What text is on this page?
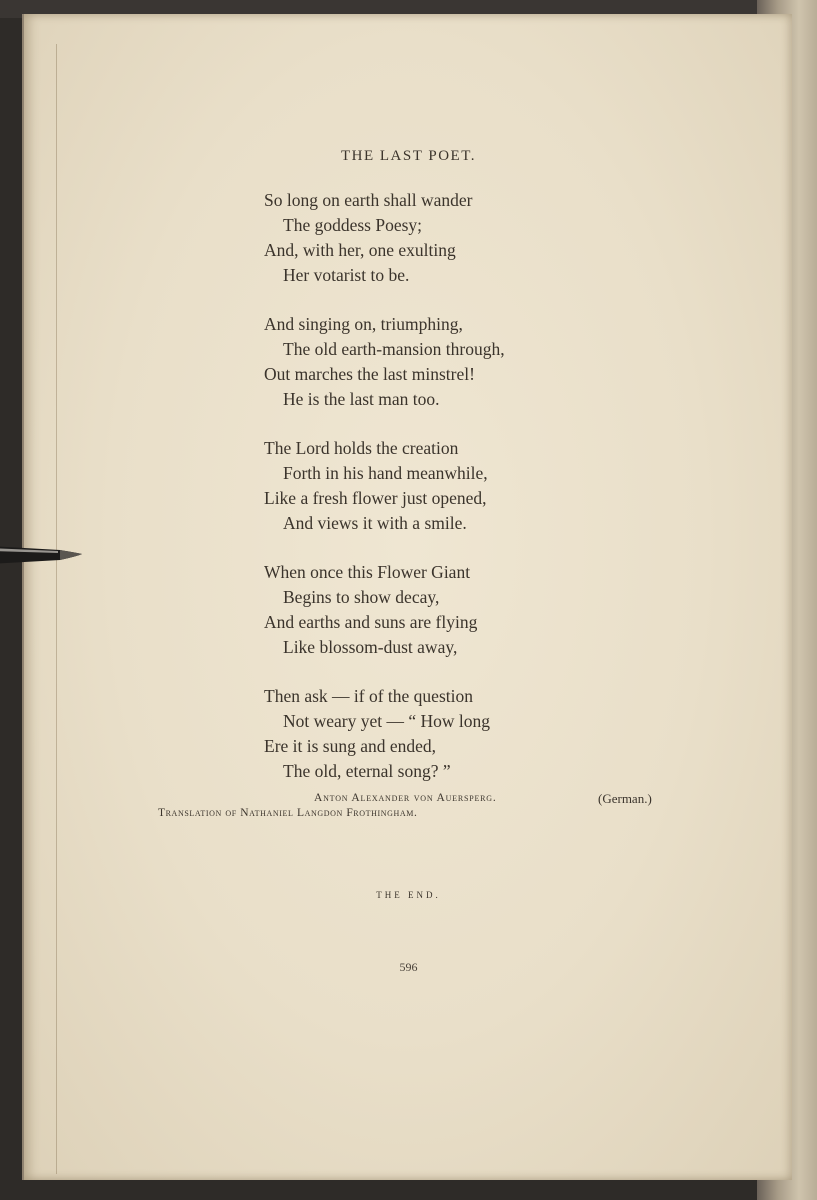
THE LAST POET.
So long on earth shall wander
The goddess Poesy;
And, with her, one exulting
Her votarist to be.
And singing on, triumphing,
The old earth-mansion through,
Out marches the last minstrel!
He is the last man too.
The Lord holds the creation
Forth in his hand meanwhile,
Like a fresh flower just opened,
And views it with a smile.
When once this Flower Giant
Begins to show decay,
And earths and suns are flying
Like blossom-dust away,
Then ask — if of the question
Not weary yet — “ How long
Ere it is sung and ended,
The old, eternal song? ”
Anton Alexander von Auersperg.	(German.)
Translation of Nathaniel Langdon Frothingham.
THE END.
596
